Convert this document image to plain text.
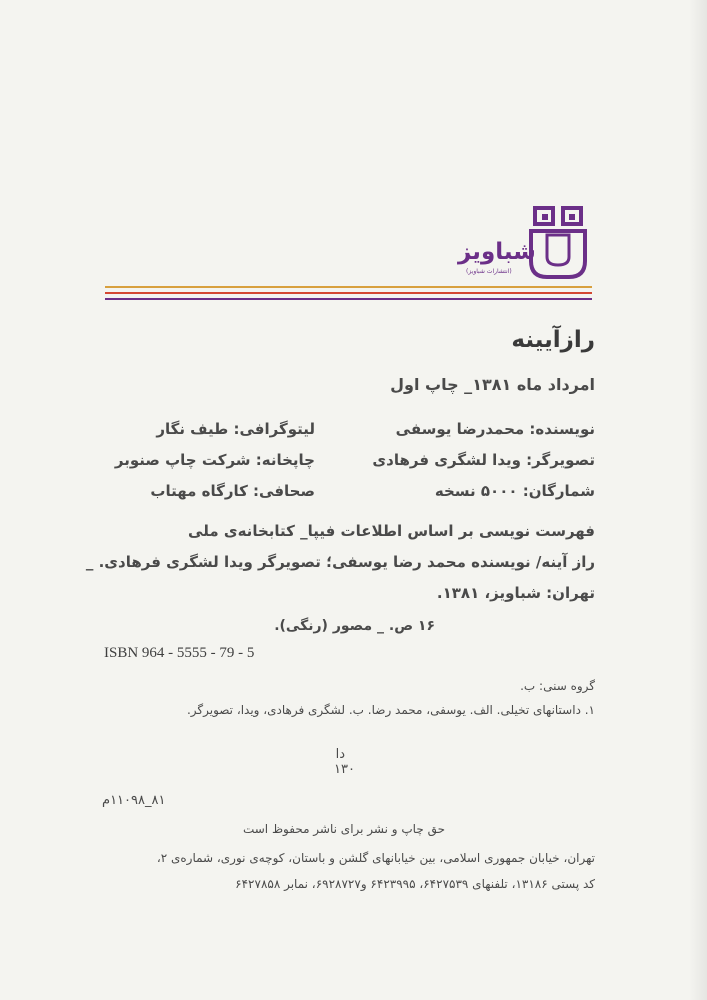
شباویز
(انتشارات شباویز)
رازآیینه
امرداد ماه ۱۳۸۱_ چاپ اول
نویسنده: محمدرضا یوسفی
تصویرگر: ویدا لشگری فرهادی
شمارگان: ۵۰۰۰ نسخه
لیتوگرافی: طیف نگار
چاپخانه: شرکت چاپ صنوبر
صحافی: کارگاه مهتاب
فهرست نویسی بر اساس اطلاعات فیپا_ کتابخانه‌ی ملی
راز آینه/ نویسنده محمد رضا یوسفی؛ تصویرگر ویدا لشگری فرهادی. _
تهران: شباویز، ۱۳۸۱.
۱۶ ص. _ مصور (رنگی).
ISBN 964 - 5555 - 79 - 5
گروه سنی: ب.
۱. داستانهای تخیلی. الف. یوسفی، محمد رضا. ب. لشگری فرهادی، ویدا، تصویرگر.
دا
۱۳۰
۸۱_۱۱۰۹۸م
حق چاپ و نشر برای ناشر محفوظ است
تهران، خیابان جمهوری اسلامی، بین خیابانهای گلشن و باستان، کوچه‌ی نوری، شماره‌ی ۲،
کد پستی ۱۳۱۸۶، تلفنهای ۶۴۲۷۵۳۹، ۶۴۲۳۹۹۵ و۶۹۲۸۷۲۷، نمابر ۶۴۲۷۸۵۸
